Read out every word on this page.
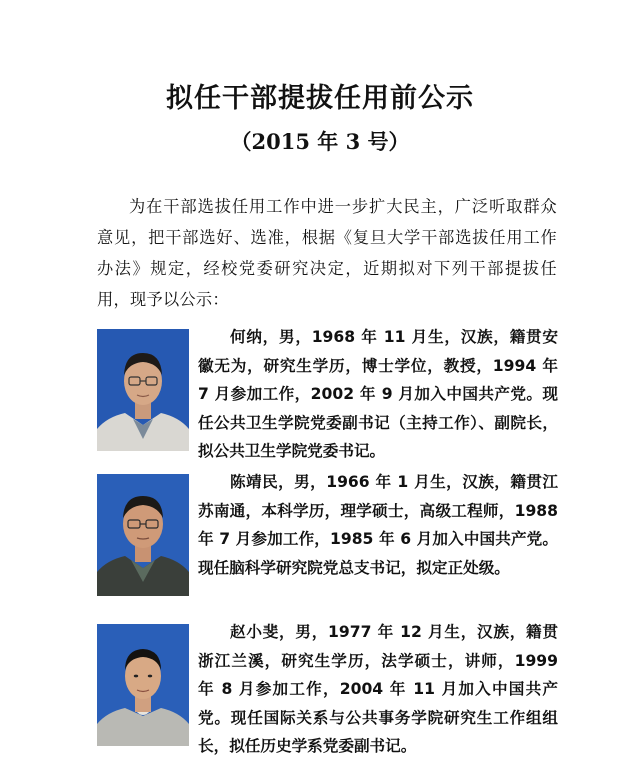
拟任干部提拔任用前公示
（2015 年 3 号）
为在干部选拔任用工作中进一步扩大民主，广泛听取群众意见，把干部选好、选准，根据《复旦大学干部选拔任用工作办法》规定，经校党委研究决定，近期拟对下列干部提拔任用，现予以公示：
何纳，男，1968 年 11 月生，汉族，籍贯安徽无为，研究生学历，博士学位，教授，1994 年 7 月参加工作，2002 年 9 月加入中国共产党。现任公共卫生学院党委副书记（主持工作）、副院长，拟公共卫生学院党委书记。
陈靖民，男，1966 年 1 月生，汉族，籍贯江苏南通，本科学历，理学硕士，高级工程师，1988 年 7 月参加工作，1985 年 6 月加入中国共产党。现任脑科学研究院党总支书记，拟定正处级。
赵小斐，男，1977 年 12 月生，汉族，籍贯浙江兰溪，研究生学历，法学硕士，讲师，1999 年 8 月参加工作，2004 年 11 月加入中国共产党。现任国际关系与公共事务学院研究生工作组组长，拟任历史学系党委副书记。
